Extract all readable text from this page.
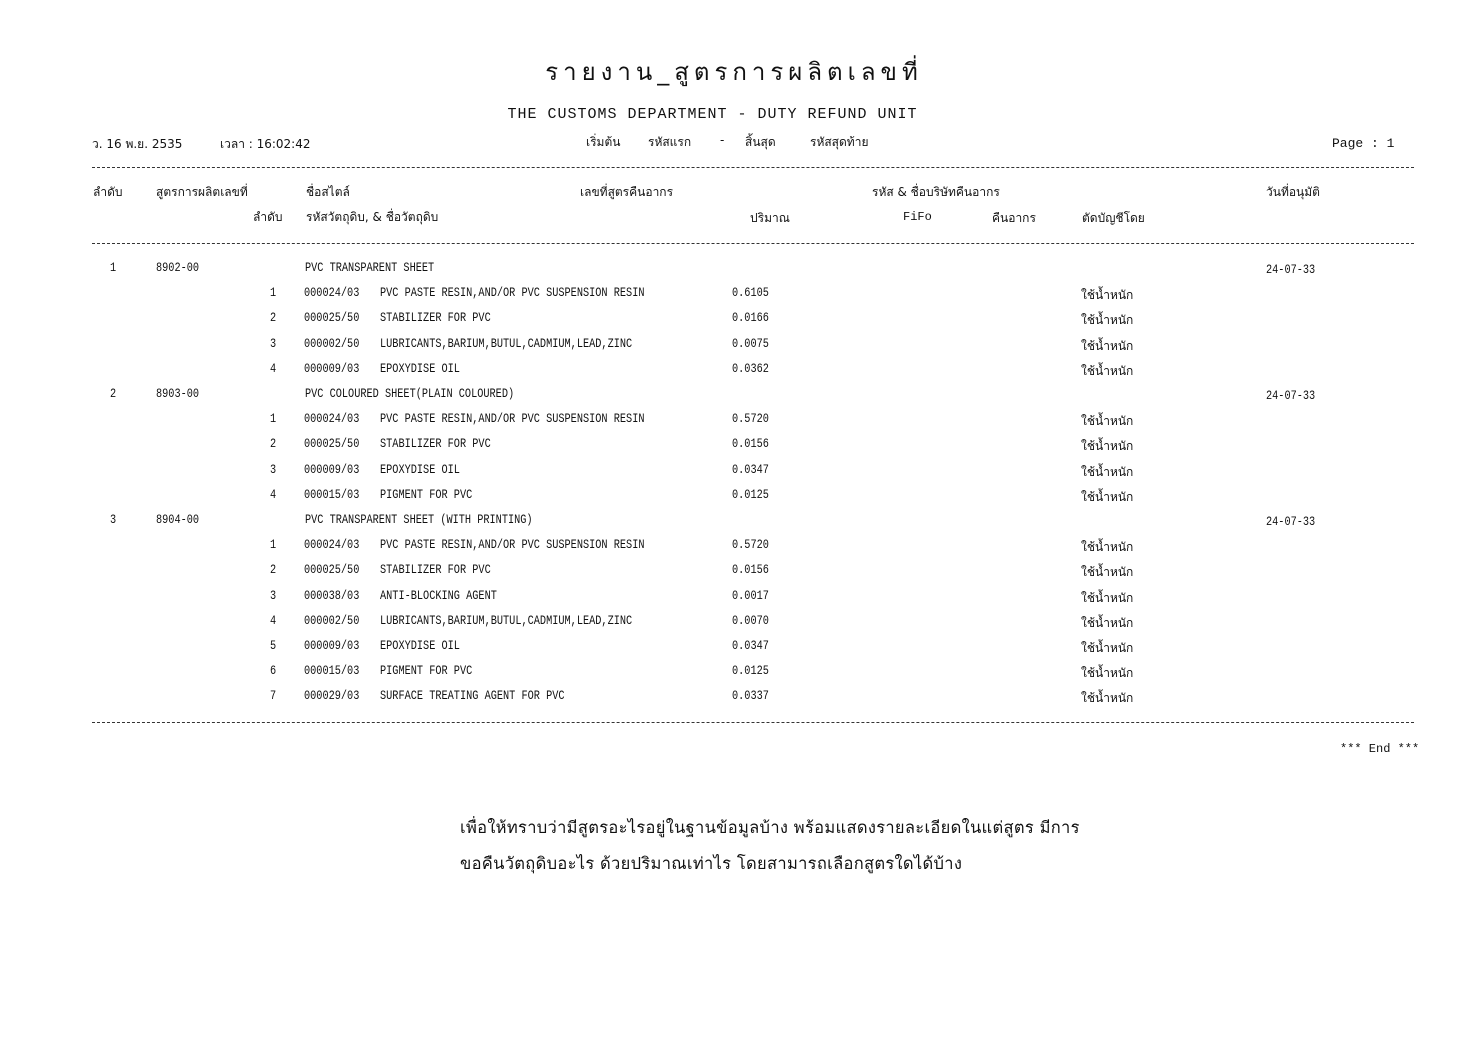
รายงาน_สูตรการผลิตเลขที่
THE CUSTOMS DEPARTMENT - DUTY REFUND UNIT
ว. 16 พ.ย. 2535	เวลา : 16:02:42	เริ่มต้น รหัสแรก - สิ้นสุด	รหัสสุดท้าย	Page : 1
ลำดับ	สูตรการผลิตเลขที่	ชื่อสไตล์	เลขที่สูตรคืนอากร	รหัส & ชื่อบริษัทคืนอากร	วันที่อนุมัติ
ลำดับ รหัสวัตถุดิบ, & ชื่อวัตถุดิบ	ปริมาณ	FiFo	คืนอากร	ตัดบัญชีโดย
1	8902-00	PVC TRANSPARENT SHEET	24-07-33
1 000024/03	PVC PASTE RESIN,AND/OR PVC SUSPENSION RESIN	0.6105	ใช้น้ำหนัก
2 000025/50	STABILIZER FOR PVC	0.0166	ใช้น้ำหนัก
3 000002/50	LUBRICANTS,BARIUM,BUTUL,CADMIUM,LEAD,ZINC	0.0075	ใช้น้ำหนัก
4 000009/03	EPOXYDISE OIL	0.0362	ใช้น้ำหนัก
2	8903-00	PVC COLOURED SHEET(PLAIN COLOURED)	24-07-33
1 000024/03	PVC PASTE RESIN,AND/OR PVC SUSPENSION RESIN	0.5720	ใช้น้ำหนัก
2 000025/50	STABILIZER FOR PVC	0.0156	ใช้น้ำหนัก
3 000009/03	EPOXYDISE OIL	0.0347	ใช้น้ำหนัก
4 000015/03	PIGMENT FOR PVC	0.0125	ใช้น้ำหนัก
3	8904-00	PVC TRANSPARENT SHEET (WITH PRINTING)	24-07-33
1 000024/03	PVC PASTE RESIN,AND/OR PVC SUSPENSION RESIN	0.5720	ใช้น้ำหนัก
2 000025/50	STABILIZER FOR PVC	0.0156	ใช้น้ำหนัก
3 000038/03	ANTI-BLOCKING AGENT	0.0017	ใช้น้ำหนัก
4 000002/50	LUBRICANTS,BARIUM,BUTUL,CADMIUM,LEAD,ZINC	0.0070	ใช้น้ำหนัก
5 000009/03	EPOXYDISE OIL	0.0347	ใช้น้ำหนัก
6 000015/03	PIGMENT FOR PVC	0.0125	ใช้น้ำหนัก
7 000029/03	SURFACE TREATING AGENT FOR PVC	0.0337	ใช้น้ำหนัก
*** End ***
เพื่อให้ทราบว่ามีสูตรอะไรอยู่ในฐานข้อมูลบ้าง พร้อมแสดงรายละเอียดในแต่สูตร มีการ
ขอคืนวัตถุดิบอะไร ด้วยปริมาณเท่าไร โดยสามารถเลือกสูตรใดได้บ้าง
